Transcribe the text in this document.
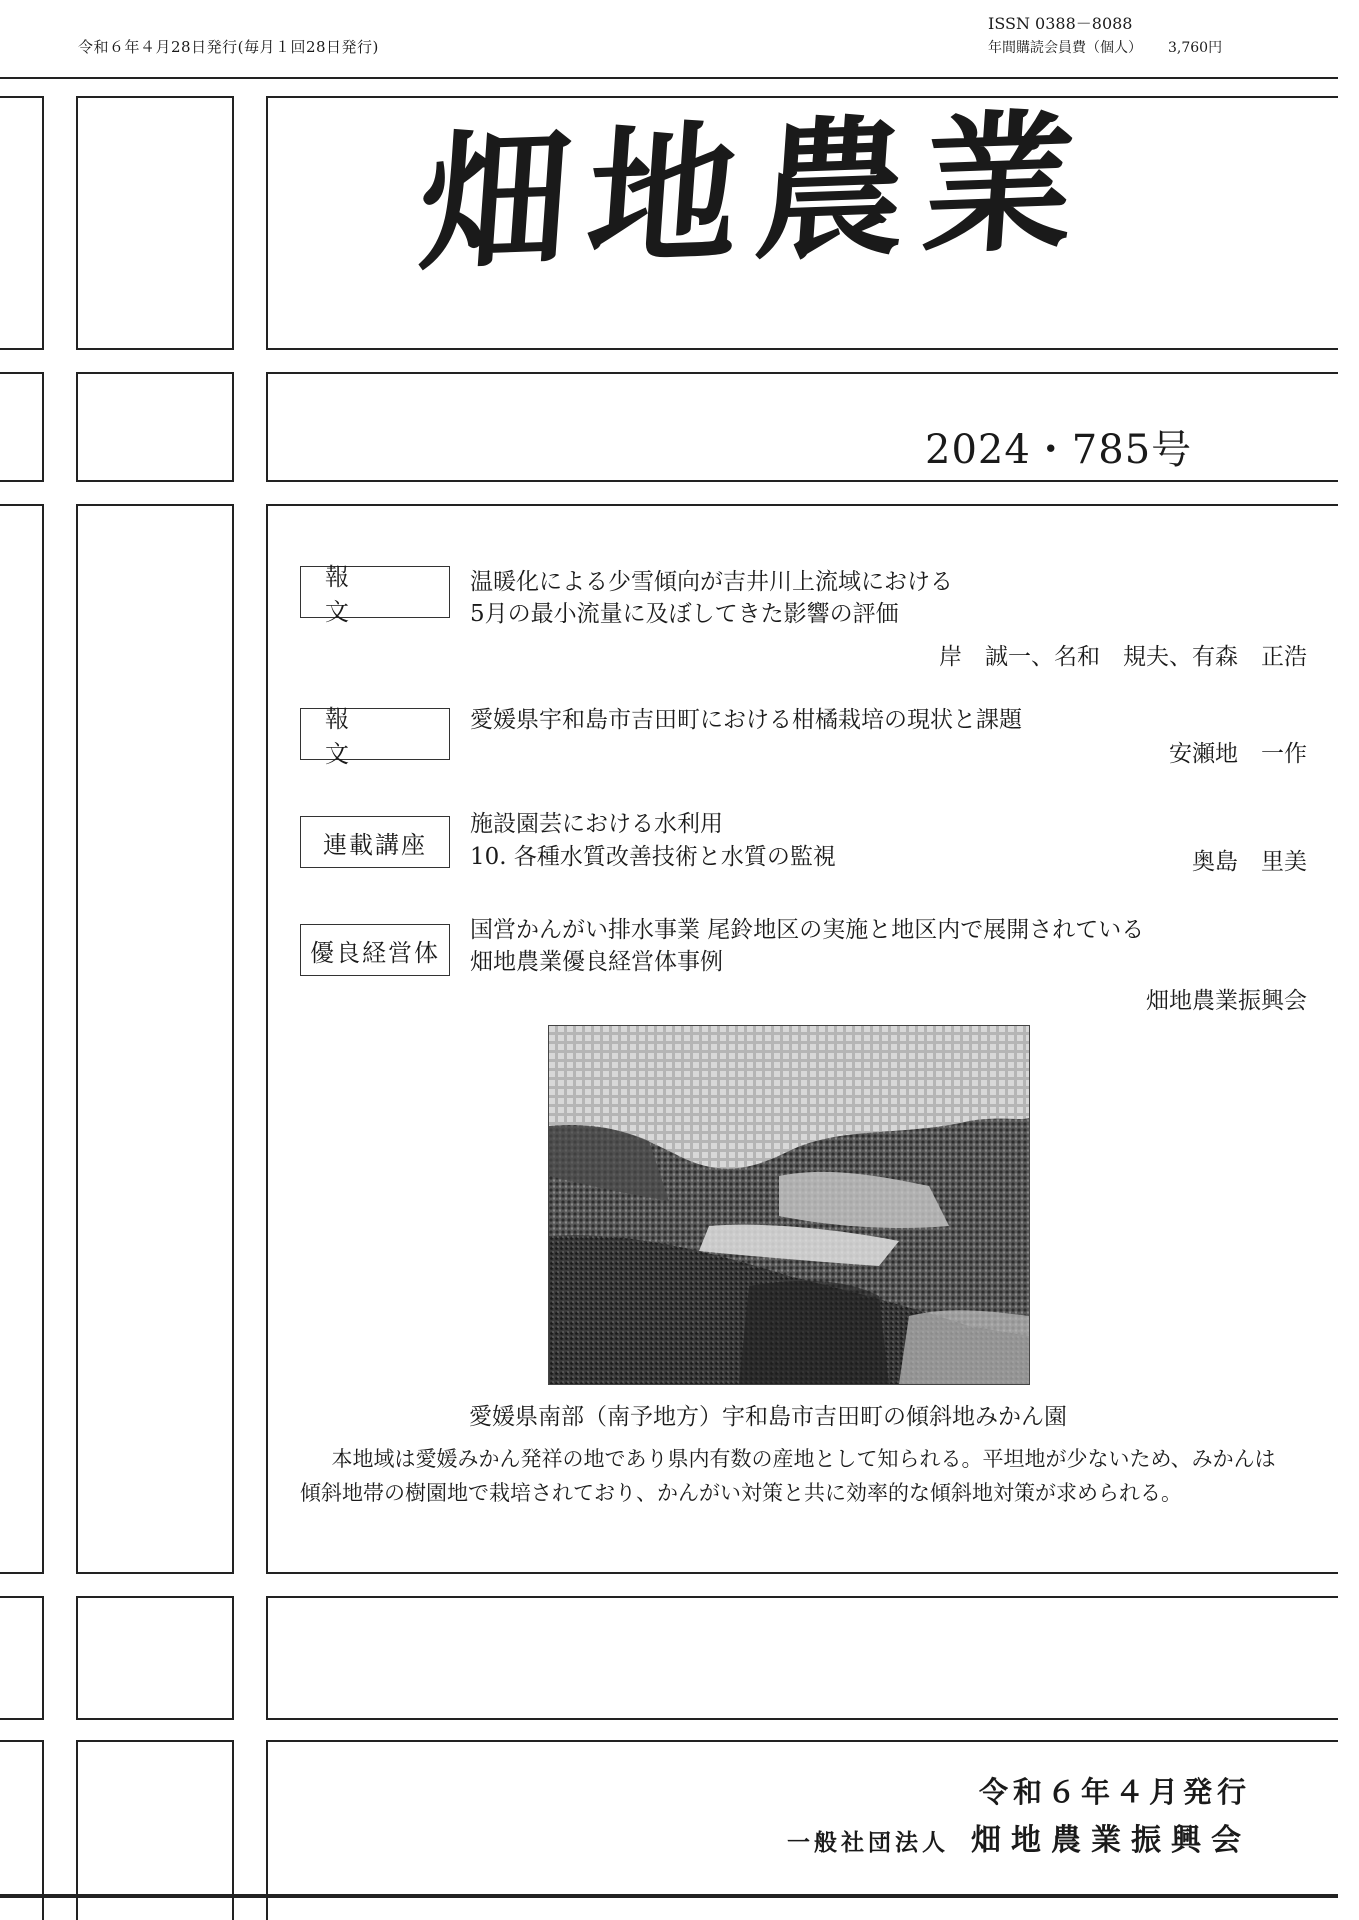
令和６年４月28日発行(毎月１回28日発行)
ISSN 0388－8088
年間購読会員費（個人） 3,760円
畑地農業
2024・785号
報 文
温暖化による少雪傾向が吉井川上流域における
5月の最小流量に及ぼしてきた影響の評価
岸　誠一、名和　規夫、有森　正浩
報 文
愛媛県宇和島市吉田町における柑橘栽培の現状と課題
安瀬地　一作
連載講座
施設園芸における水利用
10. 各種水質改善技術と水質の監視	奥島　里美
優良経営体
国営かんがい排水事業 尾鈴地区の実施と地区内で展開されている
畑地農業優良経営体事例
畑地農業振興会
愛媛県南部（南予地方）宇和島市吉田町の傾斜地みかん園
本地域は愛媛みかん発祥の地であり県内有数の産地として知られる。平坦地が少ないため、みかんは傾斜地帯の樹園地で栽培されており、かんがい対策と共に効率的な傾斜地対策が求められる。
令和６年４月発行
一般社団法人 畑地農業振興会
